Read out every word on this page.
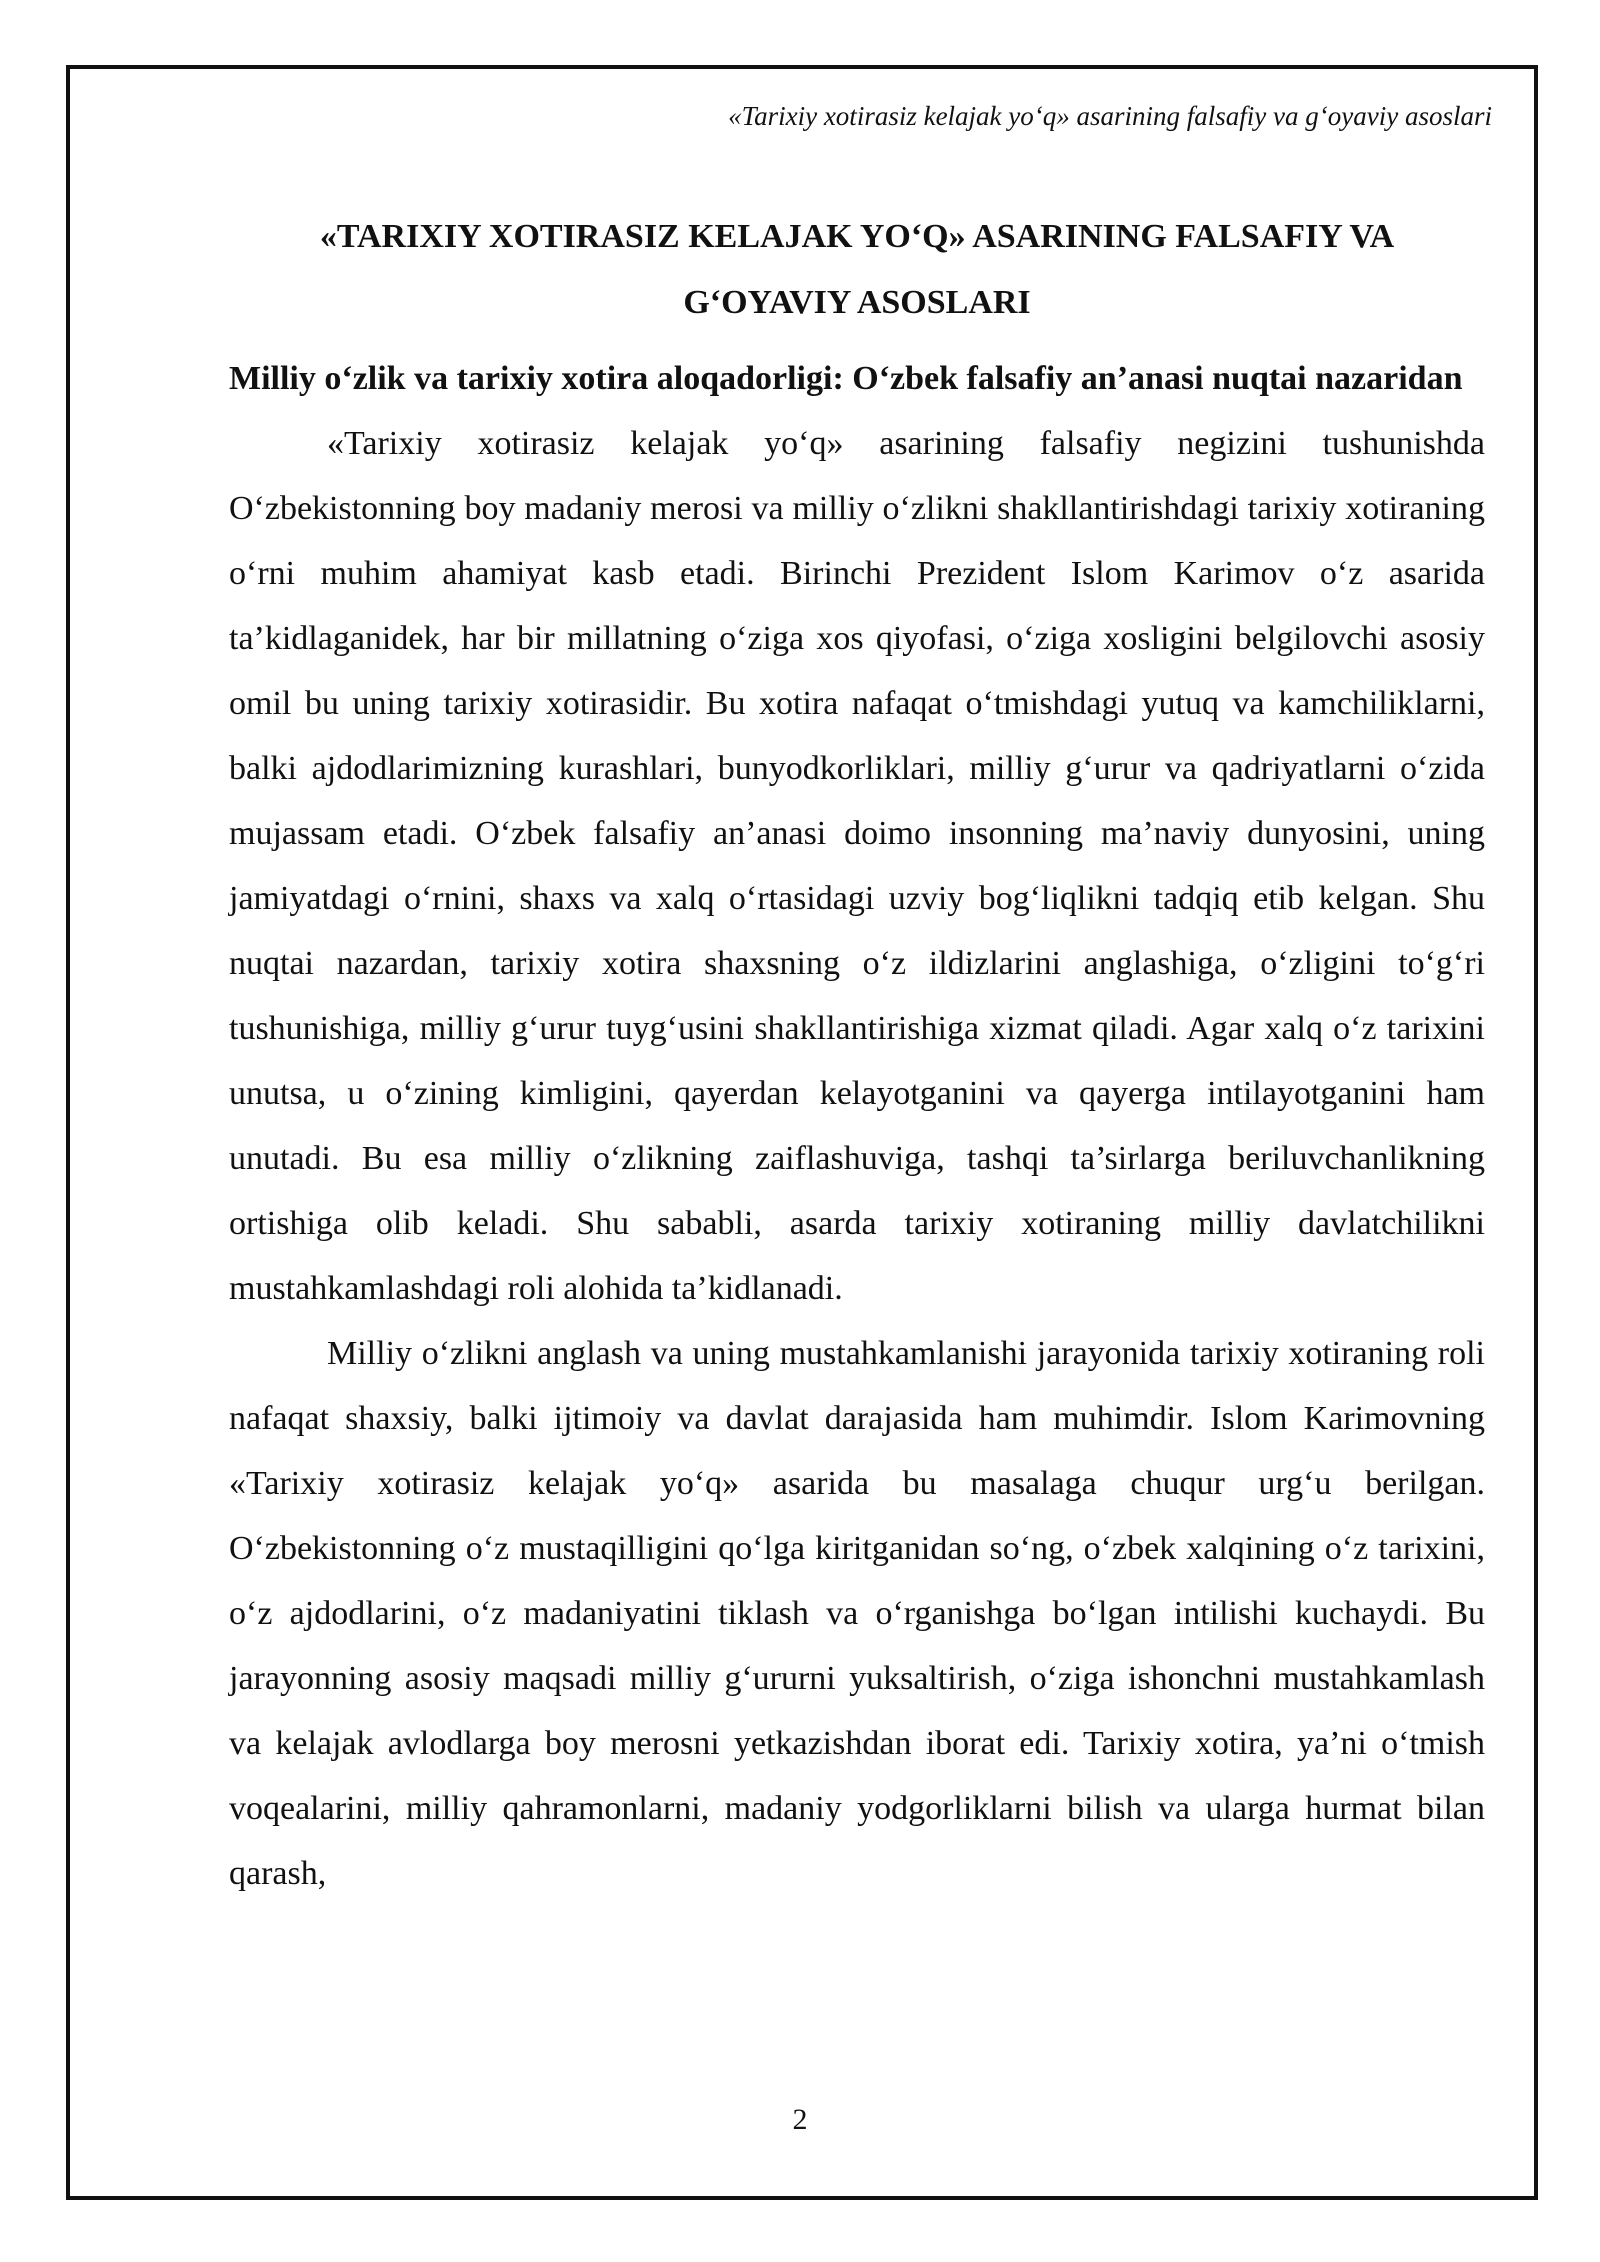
«Tarixiy xotirasiz kelajak yo‘q» asarining falsafiy va g‘oyaviy asoslari
«TARIXIY XOTIRASIZ KELAJAK YO‘Q» ASARINING FALSAFIY VA
G‘OYAVIY ASOSLARI

Milliy o‘zlik va tarixiy xotira aloqadorligi: O‘zbek falsafiy an’anasi nuqtai nazaridan

«Tarixiy xotirasiz kelajak yo‘q» asarining falsafiy negizini tushunishda O‘zbekistonning boy madaniy merosi va milliy o‘zlikni shakllantirishdagi tarixiy xotiraning o‘rni muhim ahamiyat kasb etadi. Birinchi Prezident Islom Karimov o‘z asarida ta’kidlaganidek, har bir millatning o‘ziga xos qiyofasi, o‘ziga xosligini belgilovchi asosiy omil bu uning tarixiy xotirasidir. Bu xotira nafaqat o‘tmishdagi yutuq va kamchiliklarni, balki ajdodlarimizning kurashlari, bunyodkorliklari, milliy g‘urur va qadriyatlarni o‘zida mujassam etadi. O‘zbek falsafiy an’anasi doimo insonning ma’naviy dunyosini, uning jamiyatdagi o‘rnini, shaxs va xalq o‘rtasidagi uzviy bog‘liqlikni tadqiq etib kelgan. Shu nuqtai nazardan, tarixiy xotira shaxsning o‘z ildizlarini anglashiga, o‘zligini to‘g‘ri tushunishiga, milliy g‘urur tuyg‘usini shakllantirishiga xizmat qiladi. Agar xalq o‘z tarixini unutsa, u o‘zining kimligini, qayerdan kelayotganini va qayerga intilayotganini ham unutadi. Bu esa milliy o‘zlikning zaiflashuviga, tashqi ta’sirlarga beriluvchanlikning ortishiga olib keladi. Shu sababli, asarda tarixiy xotiraning milliy davlatchilikni mustahkamlashdagi roli alohida ta’kidlanadi.

Milliy o‘zlikni anglash va uning mustahkamlanishi jarayonida tarixiy xotiraning roli nafaqat shaxsiy, balki ijtimoiy va davlat darajasida ham muhimdir. Islom Karimovning «Tarixiy xotirasiz kelajak yo‘q» asarida bu masalaga chuqur urg‘u berilgan. O‘zbekistonning o‘z mustaqilligini qo‘lga kiritganidan so‘ng, o‘zbek xalqining o‘z tarixini, o‘z ajdodlarini, o‘z madaniyatini tiklash va o‘rganishga bo‘lgan intilishi kuchaydi. Bu jarayonning asosiy maqsadi milliy g‘ururni yuksaltirish, o‘ziga ishonchni mustahkamlash va kelajak avlodlarga boy merosni yetkazishdan iborat edi. Tarixiy xotira, ya’ni o‘tmish voqealarini, milliy qahramonlarni, madaniy yodgorliklarni bilish va ularga hurmat bilan qarash,

2
